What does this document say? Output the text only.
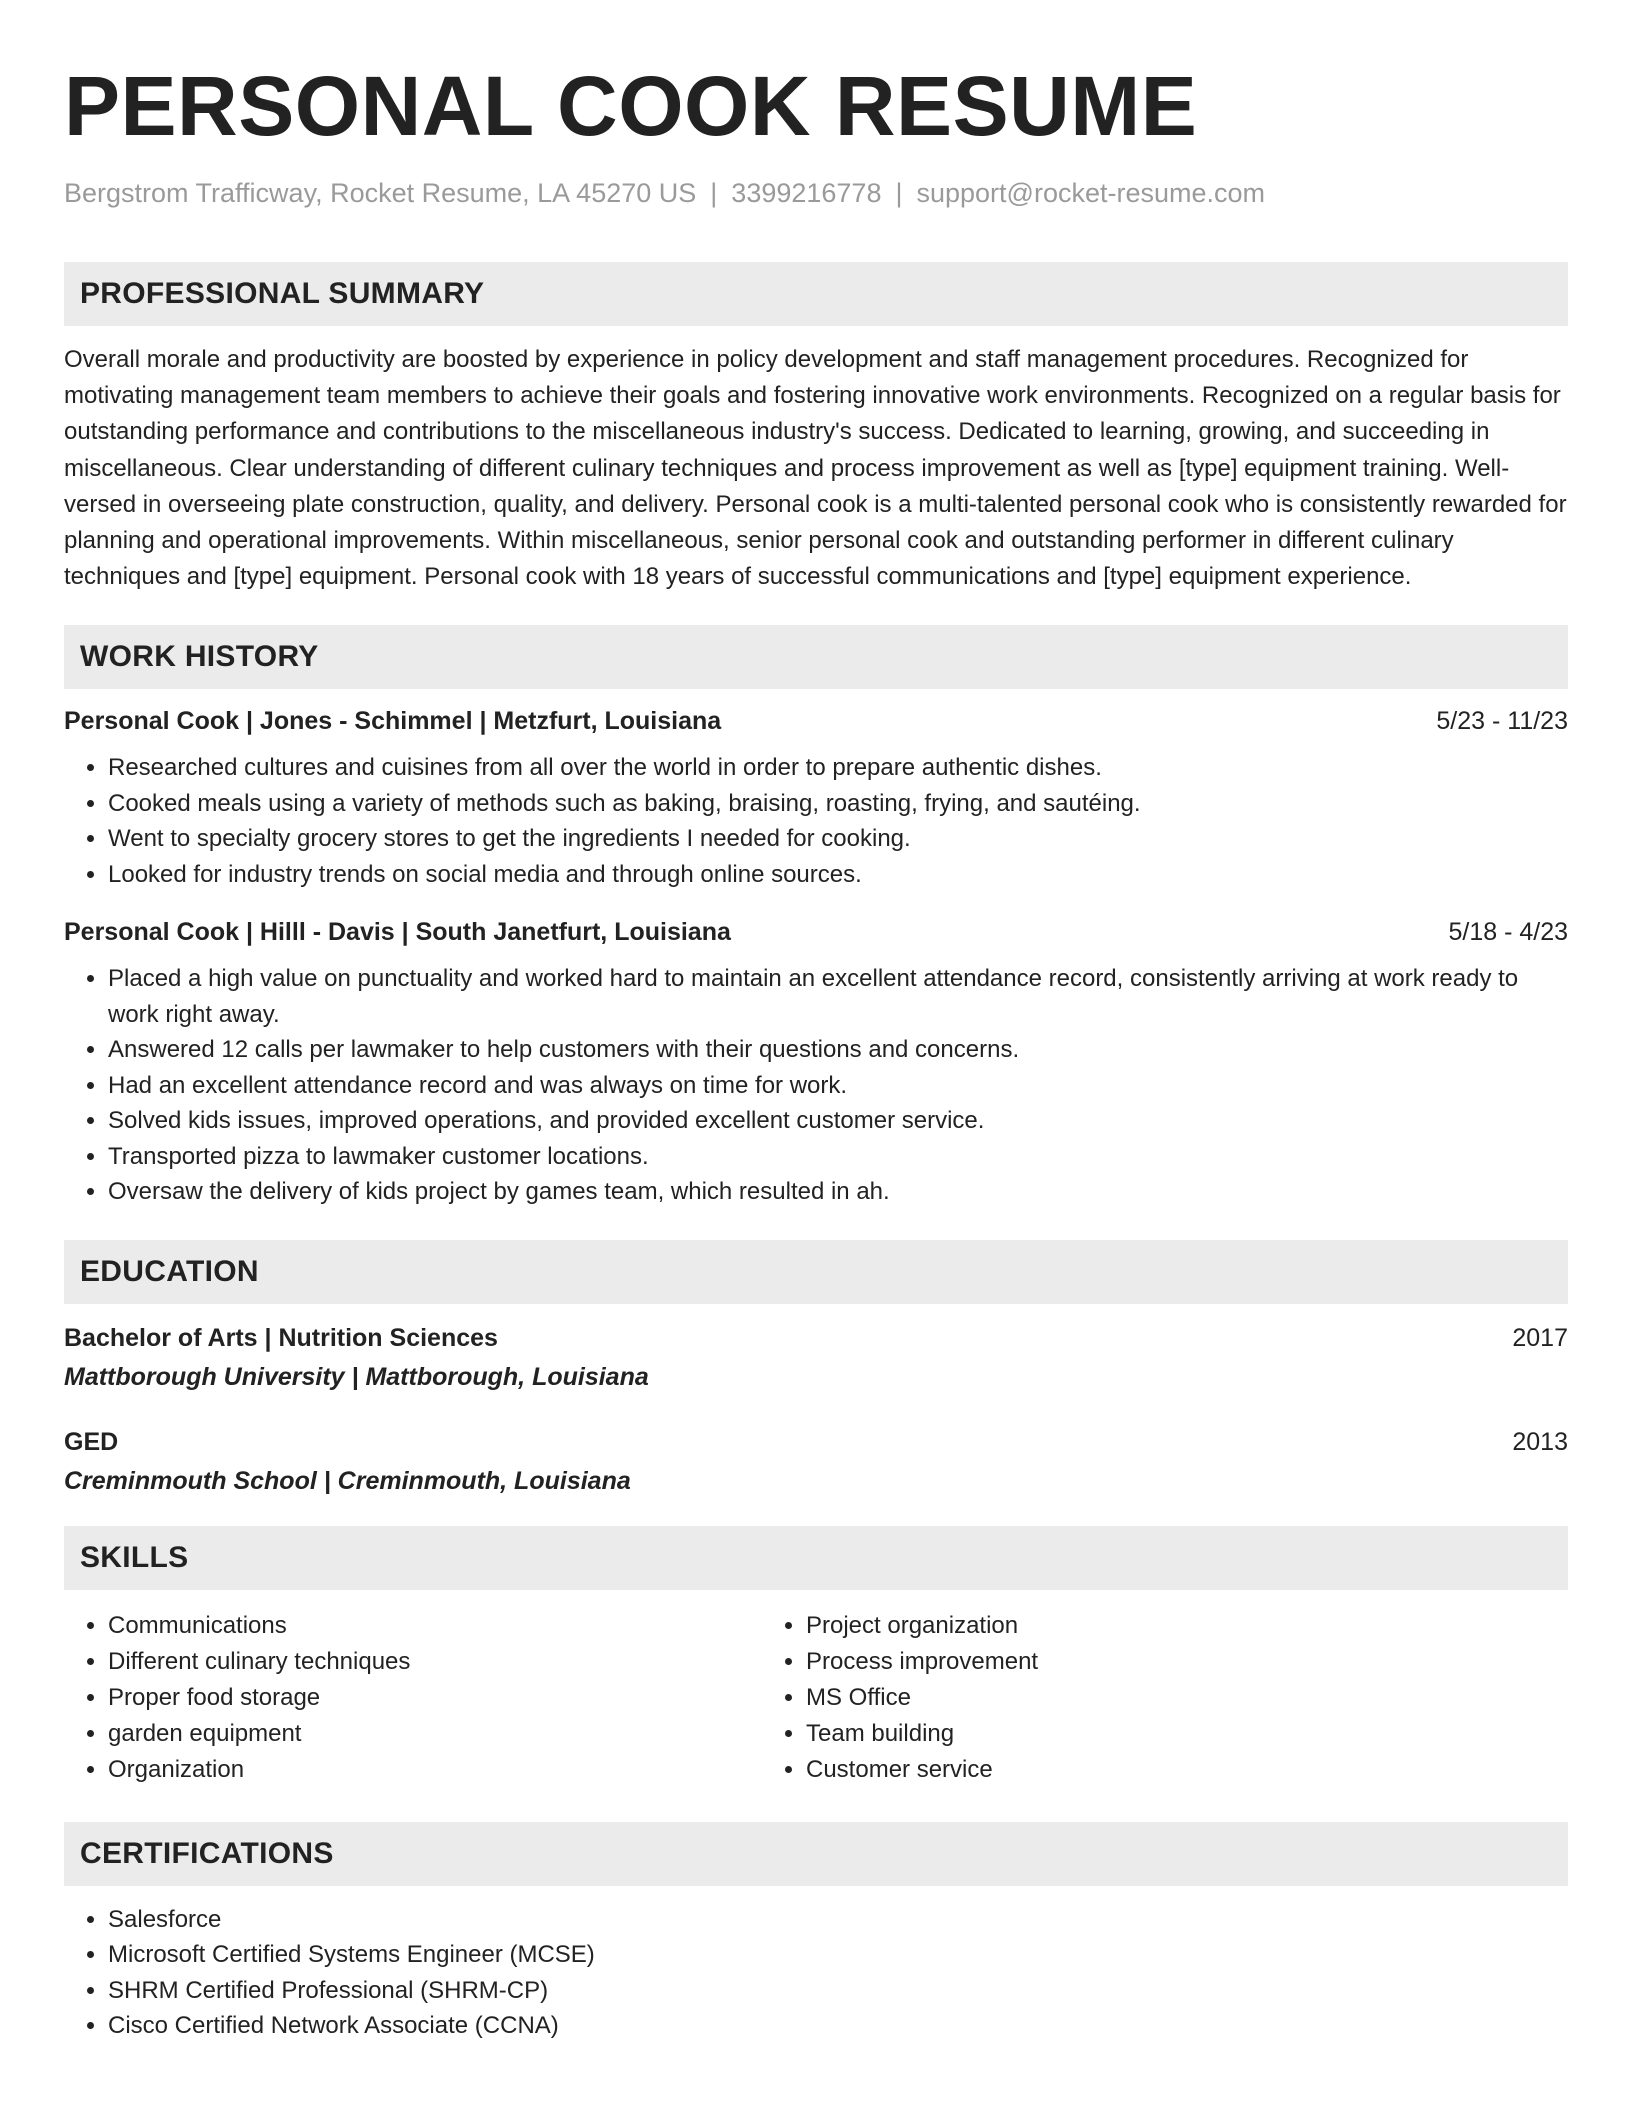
PERSONAL COOK RESUME
Bergstrom Trafficway, Rocket Resume, LA 45270 US | 3399216778 | support@rocket-resume.com
PROFESSIONAL SUMMARY

Overall morale and productivity are boosted by experience in policy development and staff management procedures. Recognized for motivating management team members to achieve their goals and fostering innovative work environments. Recognized on a regular basis for outstanding performance and contributions to the miscellaneous industry's success. Dedicated to learning, growing, and succeeding in miscellaneous. Clear understanding of different culinary techniques and process improvement as well as [type] equipment training. Well-versed in overseeing plate construction, quality, and delivery. Personal cook is a multi-talented personal cook who is consistently rewarded for planning and operational improvements. Within miscellaneous, senior personal cook and outstanding performer in different culinary techniques and [type] equipment. Personal cook with 18 years of successful communications and [type] equipment experience.

WORK HISTORY
Personal Cook | Jones - Schimmel | Metzfurt, Louisiana	5/23 - 11/23
• Researched cultures and cuisines from all over the world in order to prepare authentic dishes.
• Cooked meals using a variety of methods such as baking, braising, roasting, frying, and sautéing.
• Went to specialty grocery stores to get the ingredients I needed for cooking.
• Looked for industry trends on social media and through online sources.
Personal Cook | Hilll - Davis | South Janetfurt, Louisiana	5/18 - 4/23
• Placed a high value on punctuality and worked hard to maintain an excellent attendance record, consistently arriving at work ready to work right away.
• Answered 12 calls per lawmaker to help customers with their questions and concerns.
• Had an excellent attendance record and was always on time for work.
• Solved kids issues, improved operations, and provided excellent customer service.
• Transported pizza to lawmaker customer locations.
• Oversaw the delivery of kids project by games team, which resulted in ah.
EDUCATION
Bachelor of Arts | Nutrition Sciences	2017
Mattborough University | Mattborough, Louisiana
GED	2013
Creminmouth School | Creminmouth, Louisiana
SKILLS
• Communications
• Different culinary techniques
• Proper food storage
• garden equipment
• Organization
• Project organization
• Process improvement
• MS Office
• Team building
• Customer service
CERTIFICATIONS
• Salesforce
• Microsoft Certified Systems Engineer (MCSE)
• SHRM Certified Professional (SHRM-CP)
• Cisco Certified Network Associate (CCNA)
